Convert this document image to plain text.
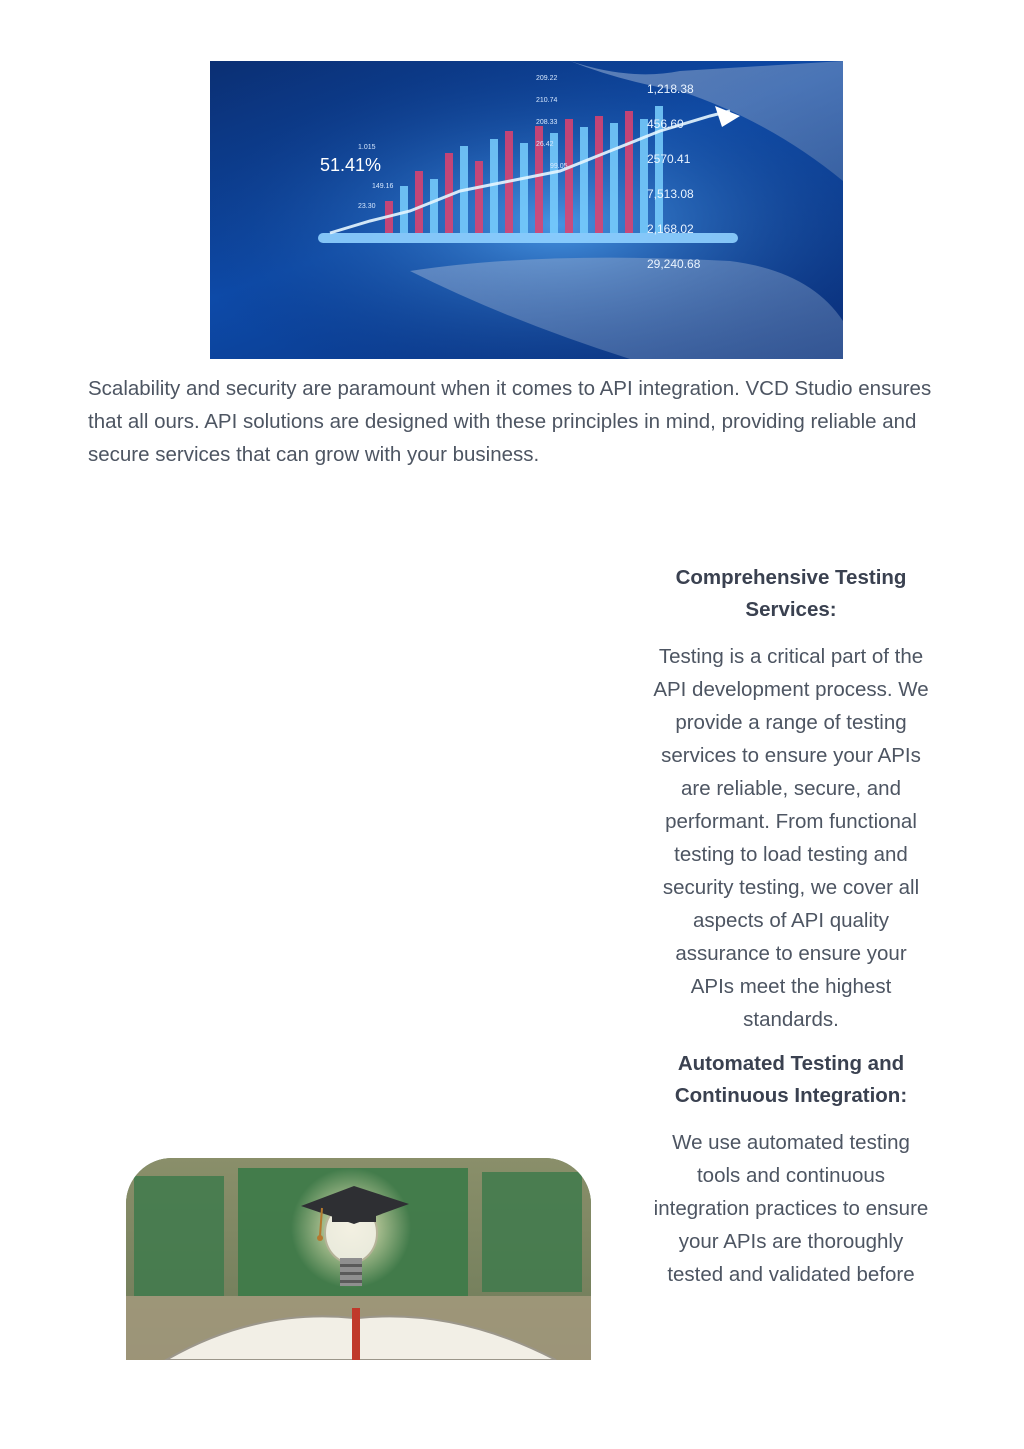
51.41%
1.015
149.16
23.30
209.22
210.74
208.33
26.42
99.05
1,218.38
456.60
2570.41
7,513.08
2,168.02
29,240.68

Scalability and security are paramount when it comes to API integration. VCD Studio ensures that all ours. API solutions are designed with these principles in mind, providing reliable and secure services that can grow with your business.

Comprehensive Testing Services:

Testing is a critical part of the API development process. We provide a range of testing services to ensure your APIs are reliable, secure, and performant. From functional testing to load testing and security testing, we cover all aspects of API quality assurance to ensure your APIs meet the highest standards.

Automated Testing and Continuous Integration:

We use automated testing tools and continuous integration practices to ensure your APIs are thoroughly tested and validated before
